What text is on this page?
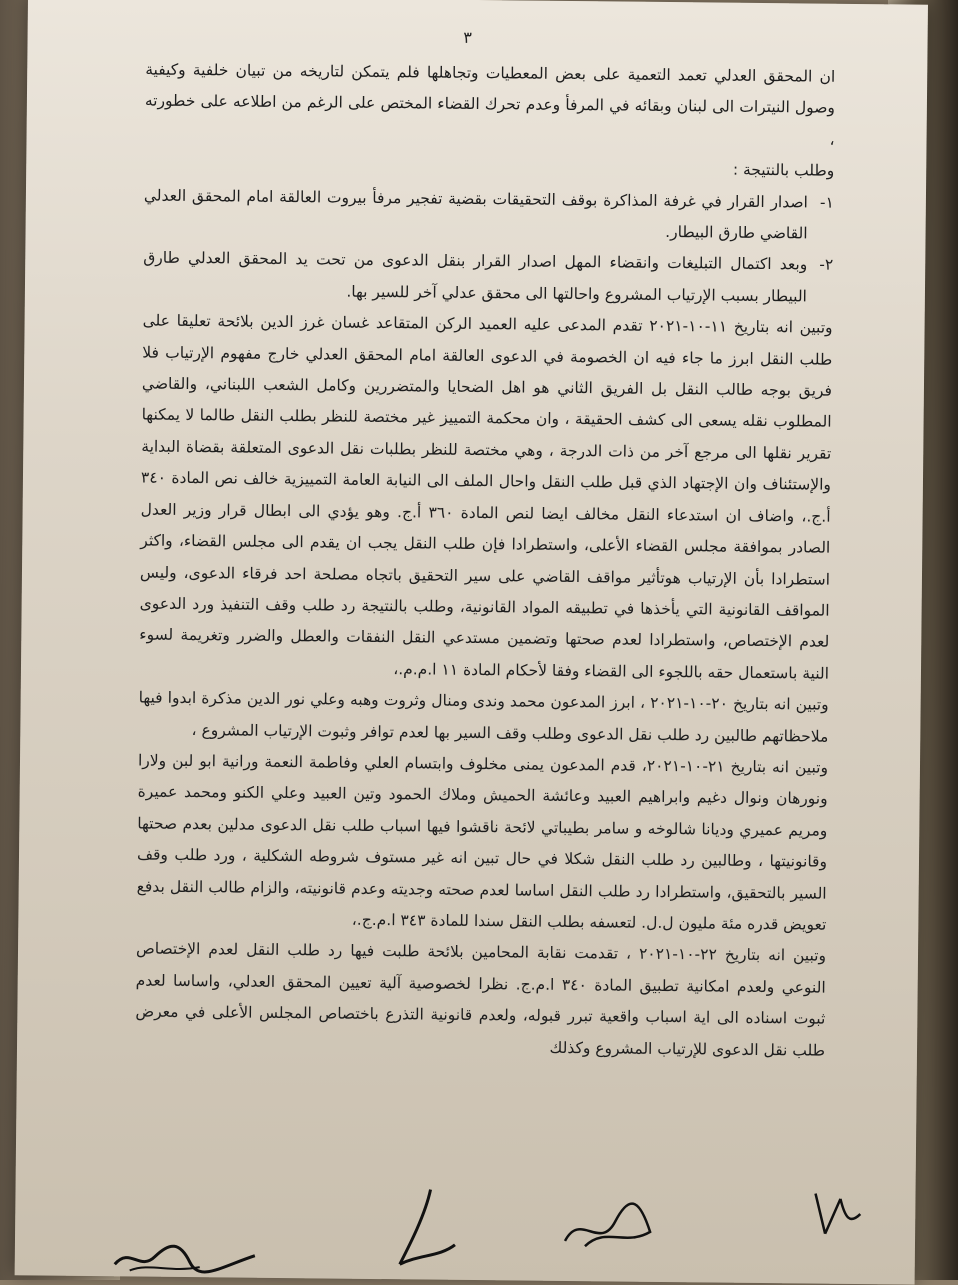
٣

ان المحقق العدلي تعمد التعمية على بعض المعطيات وتجاهلها فلم يتمكن لتاريخه من تبيان خلفية وكيفية وصول النيترات الى لبنان وبقائه في المرفأ وعدم تحرك القضاء المختص على الرغم من اطلاعه على خطورته ،

وطلب بالنتيجة :

١-
اصدار القرار في غرفة المذاكرة بوقف التحقيقات بقضية تفجير مرفأ بيروت العالقة امام المحقق العدلي القاضي طارق البيطار.
٢-
وبعد اكتمال التبليغات وانقضاء المهل اصدار القرار بنقل الدعوى من تحت يد المحقق العدلي طارق البيطار بسبب الإرتياب المشروع واحالتها الى محقق عدلي آخر للسير بها.

وتبين انه بتاريخ ١١-١٠-٢٠٢١ تقدم المدعى عليه العميد الركن المتقاعد غسان غرز الدين بلائحة تعليقا على طلب النقل ابرز ما جاء فيه ان الخصومة في الدعوى العالقة امام المحقق العدلي خارج مفهوم الإرتياب فلا فريق بوجه طالب النقل بل الفريق الثاني هو اهل الضحايا والمتضررين وكامل الشعب اللبناني، والقاضي المطلوب نقله يسعى الى كشف الحقيقة ، وان محكمة التمييز غير مختصة للنظر بطلب النقل طالما لا يمكنها تقرير نقلها الى مرجع آخر من ذات الدرجة ، وهي مختصة للنظر بطلبات نقل الدعوى المتعلقة بقضاة البداية والإستئناف وان الإجتهاد الذي قبل طلب النقل واحال الملف الى النيابة العامة التمييزية خالف نص المادة ٣٤٠ أ.ج.، واضاف ان استدعاء النقل مخالف ايضا لنص المادة ٣٦٠ أ.ج. وهو يؤدي الى ابطال قرار وزير العدل الصادر بموافقة مجلس القضاء الأعلى، واستطرادا فإن طلب النقل يجب ان يقدم الى مجلس القضاء، واكثر استطرادا بأن الإرتياب هوتأثير مواقف القاضي على سير التحقيق باتجاه مصلحة احد فرقاء الدعوى، وليس المواقف القانونية التي يأخذها في تطبيقه المواد القانونية، وطلب بالنتيجة رد طلب وقف التنفيذ ورد الدعوى لعدم الإختصاص، واستطرادا لعدم صحتها وتضمين مستدعي النقل النفقات والعطل والضرر وتغريمة لسوء النية باستعمال حقه باللجوء الى القضاء وفقا لأحكام المادة ١١ ا.م.م.،

وتبين انه بتاريخ ٢٠-١٠-٢٠٢١ ، ابرز المدعون محمد وندى ومنال وثروت وهبه وعلي نور الدين مذكرة ابدوا فيها ملاحظاتهم طالبين رد طلب نقل الدعوى وطلب وقف السير بها لعدم توافر وثبوت الإرتياب المشروع ،

وتبين انه بتاريخ ٢١-١٠-٢٠٢١، قدم المدعون يمنى مخلوف وابتسام العلي وفاطمة النعمة ورانية ابو لبن ولارا ونورهان ونوال دغيم وابراهيم العبيد وعائشة الحميش وملاك الحمود وتين العبيد وعلي الكنو ومحمد عميرة ومريم عميري وديانا شالوخه و سامر بطيباتي لائحة ناقشوا فيها اسباب طلب نقل الدعوى مدلين بعدم صحتها وقانونيتها ، وطالبين رد طلب النقل شكلا في حال تبين انه غير مستوف شروطه الشكلية ، ورد طلب وقف السير بالتحقيق، واستطرادا رد طلب النقل اساسا لعدم صحته وجديته وعدم قانونيته، والزام طالب النقل بدفع تعويض قدره مئة مليون ل.ل. لتعسفه بطلب النقل سندا للمادة ٣٤٣ ا.م.ج.،

وتبين انه بتاريخ ٢٢-١٠-٢٠٢١ ، تقدمت نقابة المحامين بلائحة طلبت فيها رد طلب النقل لعدم الإختصاص النوعي ولعدم امكانية تطبيق المادة ٣٤٠ ا.م.ج. نظرا لخصوصية آلية تعيين المحقق العدلي، واساسا لعدم ثبوت اسناده الى اية اسباب واقعية تبرر قبوله، ولعدم قانونية التذرع باختصاص المجلس الأعلى في معرض طلب نقل الدعوى للإرتياب المشروع وكذلك
